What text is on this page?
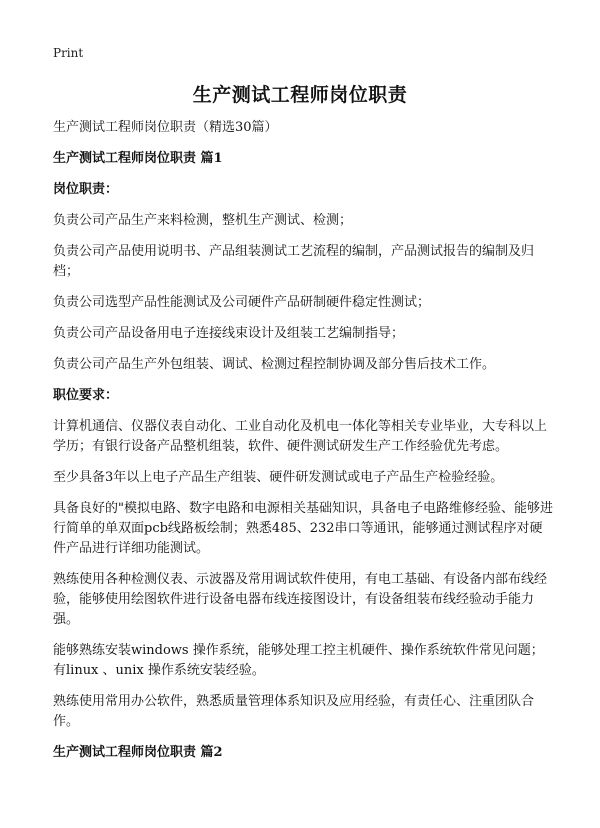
Print
生产测试工程师岗位职责

生产测试工程师岗位职责（精选30篇）

生产测试工程师岗位职责 篇1

岗位职责：

负责公司产品生产来料检测，整机生产测试、检测；

负责公司产品使用说明书、产品组装测试工艺流程的编制，产品测试报告的编制及归档；

负责公司选型产品性能测试及公司硬件产品研制硬件稳定性测试；

负责公司产品设备用电子连接线束设计及组装工艺编制指导；

负责公司产品生产外包组装、调试、检测过程控制协调及部分售后技术工作。

职位要求：

计算机通信、仪器仪表自动化、工业自动化及机电一体化等相关专业毕业，大专科以上学历；有银行设备产品整机组装，软件、硬件测试研发生产工作经验优先考虑。

至少具备3年以上电子产品生产组装、硬件研发测试或电子产品生产检验经验。

具备良好的"模拟电路、数字电路和电源相关基础知识，具备电子电路维修经验、能够进行简单的单双面pcb线路板绘制；熟悉485、232串口等通讯，能够通过测试程序对硬件产品进行详细功能测试。

熟练使用各种检测仪表、示波器及常用调试软件使用，有电工基础、有设备内部布线经验，能够使用绘图软件进行设备电器布线连接图设计，有设备组装布线经验动手能力强。

能够熟练安装windows 操作系统，能够处理工控主机硬件、操作系统软件常见问题；有linux 、unix 操作系统安装经验。

熟练使用常用办公软件，熟悉质量管理体系知识及应用经验，有责任心、注重团队合作。

生产测试工程师岗位职责 篇2
